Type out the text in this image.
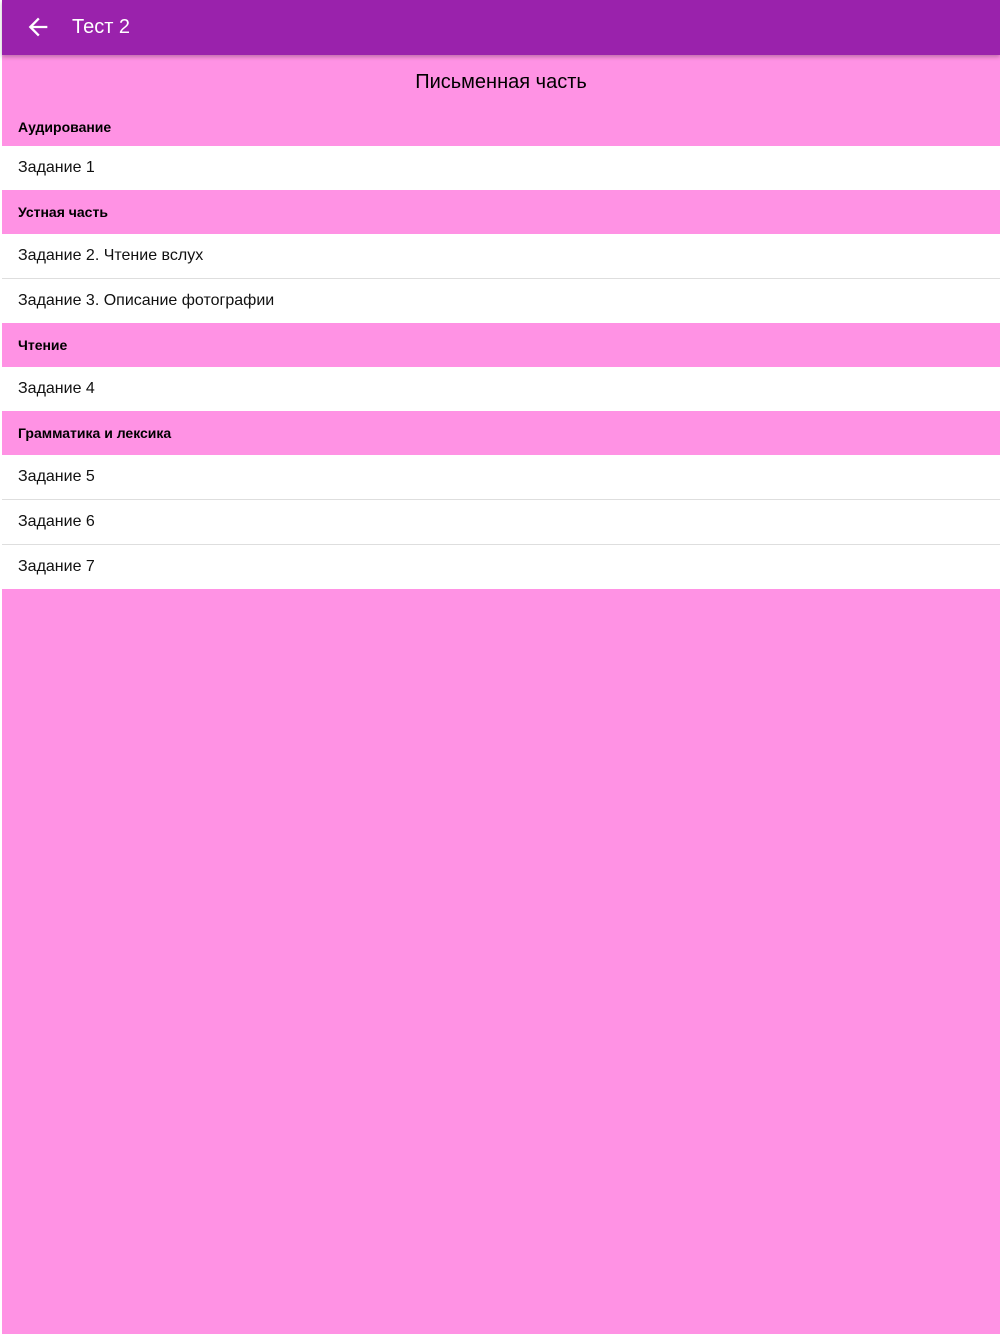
Тест 2
Письменная часть
Аудирование
Задание 1
Устная часть
Задание 2. Чтение вслух
Задание 3. Описание фотографии
Чтение
Задание 4
Грамматика и лексика
Задание 5
Задание 6
Задание 7
